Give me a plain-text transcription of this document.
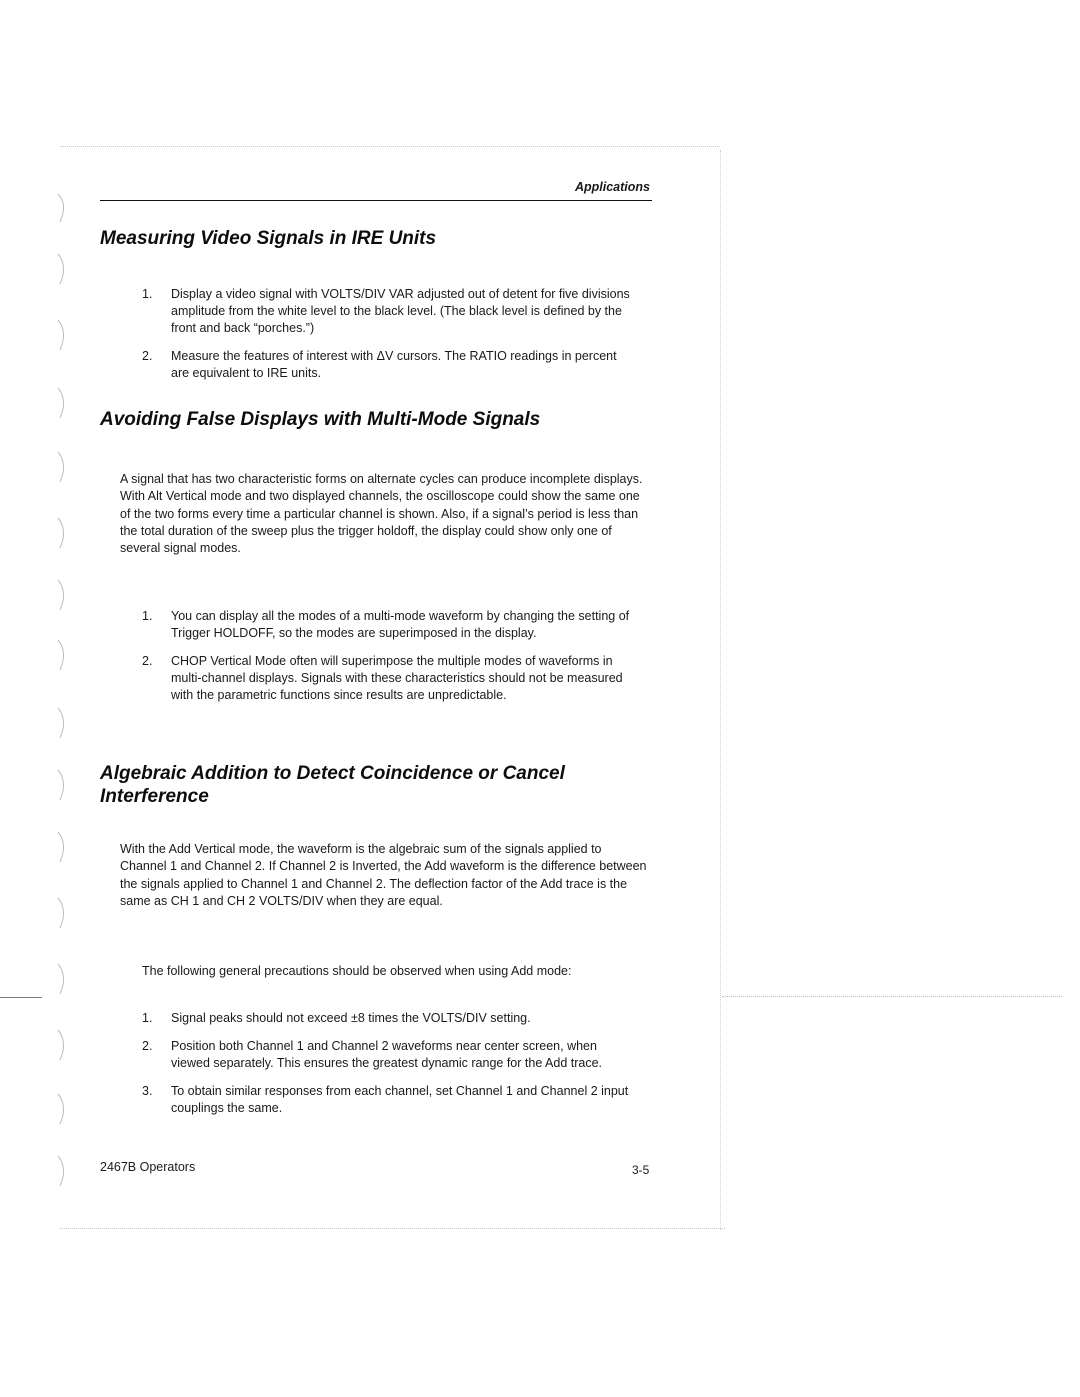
Applications
Measuring Video Signals in IRE Units
1. Display a video signal with VOLTS/DIV VAR adjusted out of detent for five divisions amplitude from the white level to the black level. (The black level is defined by the front and back “porches.”)
2. Measure the features of interest with ΔV cursors. The RATIO readings in percent are equivalent to IRE units.
Avoiding False Displays with Multi-Mode Signals

A signal that has two characteristic forms on alternate cycles can produce incomplete displays. With Alt Vertical mode and two displayed channels, the oscilloscope could show the same one of the two forms every time a particular channel is shown. Also, if a signal’s period is less than the total duration of the sweep plus the trigger holdoff, the display could show only one of several signal modes.

1. You can display all the modes of a multi-mode waveform by changing the setting of Trigger HOLDOFF, so the modes are superimposed in the display.
2. CHOP Vertical Mode often will superimpose the multiple modes of waveforms in multi-channel displays. Signals with these characteristics should not be measured with the parametric functions since results are unpredictable.
Algebraic Addition to Detect Coincidence or Cancel Interference

With the Add Vertical mode, the waveform is the algebraic sum of the signals applied to Channel 1 and Channel 2. If Channel 2 is Inverted, the Add waveform is the difference between the signals applied to Channel 1 and Channel 2. The deflection factor of the Add trace is the same as CH 1 and CH 2 VOLTS/DIV when they are equal.

The following general precautions should be observed when using Add mode:

1. Signal peaks should not exceed ±8 times the VOLTS/DIV setting.
2. Position both Channel 1 and Channel 2 waveforms near center screen, when viewed separately. This ensures the greatest dynamic range for the Add trace.
3. To obtain similar responses from each channel, set Channel 1 and Channel 2 input couplings the same.
2467B Operators	3-5
